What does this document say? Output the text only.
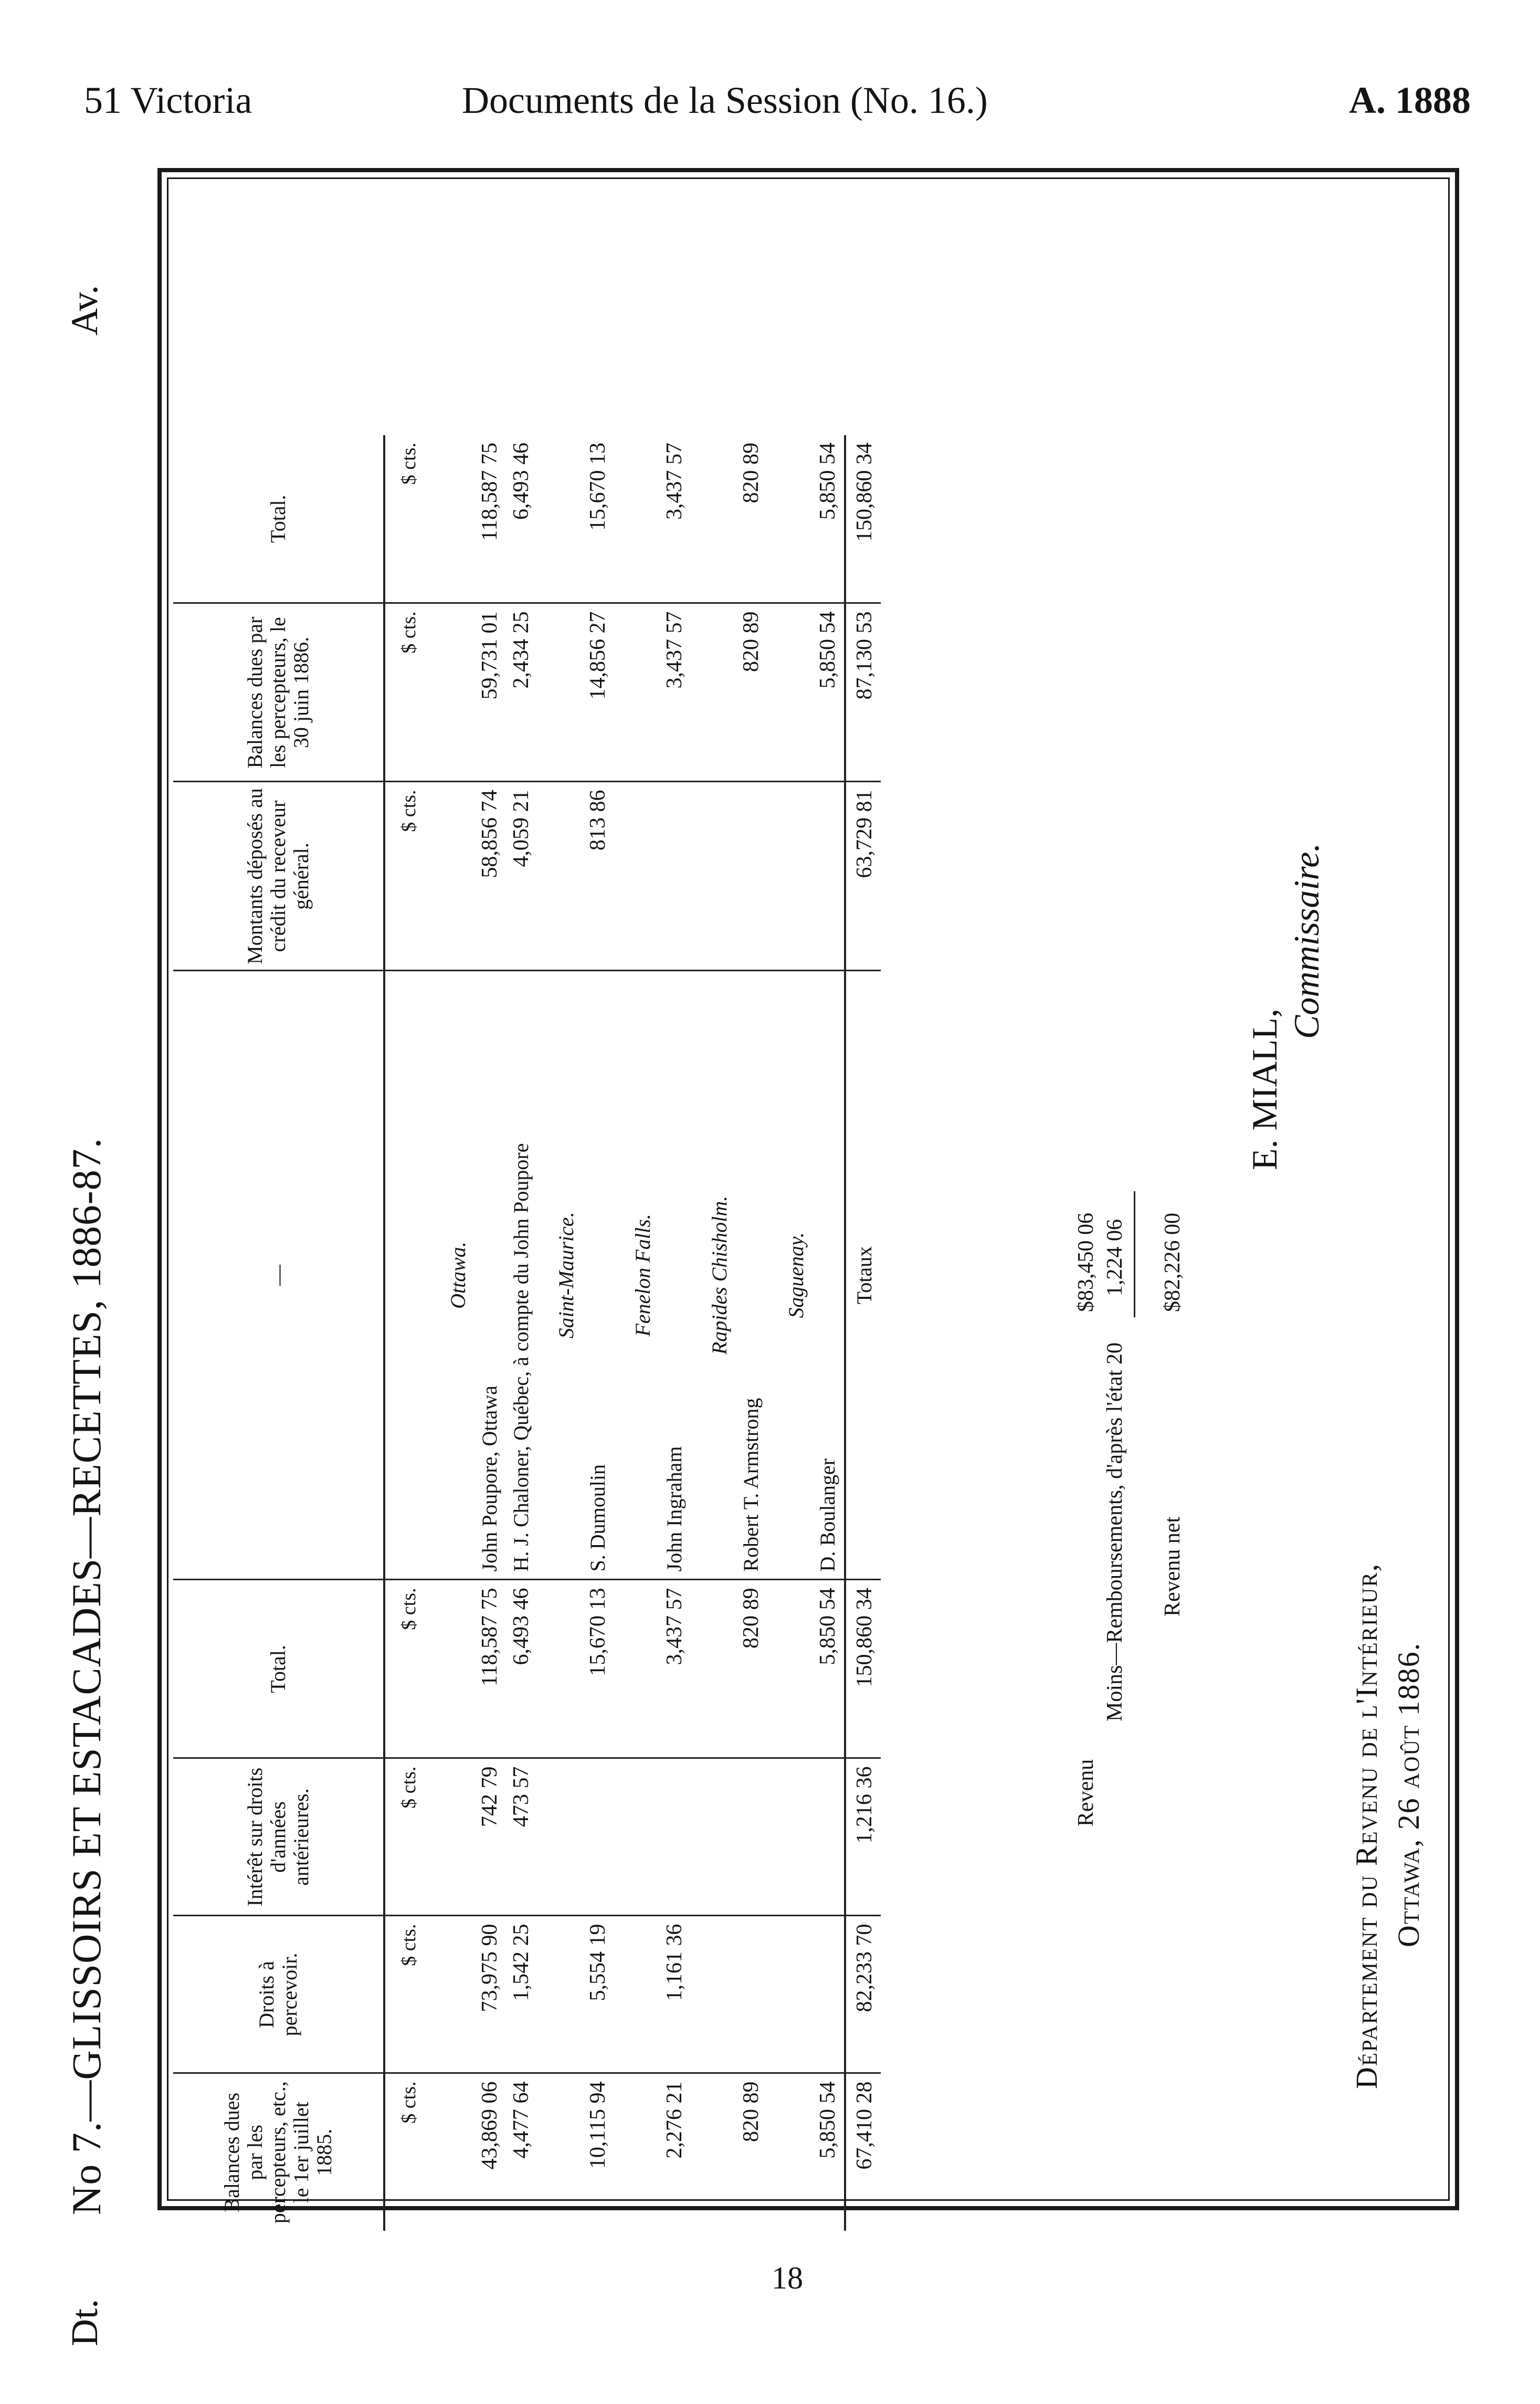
51 Victoria	Documents de la Session (No. 16.)	A. 1888
Dt.
No 7.—GLISSOIRS ET ESTACADES—RECETTES, 1886-87.
Av.
Balances dues par les percepteurs, etc., le 1er juillet 1885.	Droits à percevoir.	Intérêt sur droits d'années antérieures.	Total.	—	Montants déposés au crédit du receveur général.	Balances dues par les percepteurs, le 30 juin 1886.	Total.
$ cts.	$ cts.	$ cts.	$ cts.		$ cts.	$ cts.	$ cts.
				Ottawa.			
43,869 06	73,975 90	742 79	118,587 75	John Poupore, Ottawa	58,856 74	59,731 01	118,587 75
4,477 64	1,542 25	473 57	6,493 46	H. J. Chaloner, Québec, à compte du John Poupore	4,059 21	2,434 25	6,493 46
				Saint-Maurice.			
10,115 94	5,554 19		15,670 13	S. Dumoulin	813 86	14,856 27	15,670 13
				Fenelon Falls.			
2,276 21	1,161 36		3,437 57	John Ingraham		3,437 57	3,437 57
				Rapides Chisholm.			
820 89			820 89	Robert T. Armstrong		820 89	820 89
				Saguenay.			
5,850 54			5,850 54	D. Boulanger		5,850 54	5,850 54
67,410 28	82,233 70	1,216 36	150,860 34	Totaux	63,729 81	87,130 53	150,860 34
Revenu
$83,450 06
Moins—Remboursements, d'après l'état 20
1,224 06
Revenu net
$82,226 00
E. MIALL,
Commissaire.
Département du Revenu de l'Intérieur, Ottawa, 26 août 1886.
18
